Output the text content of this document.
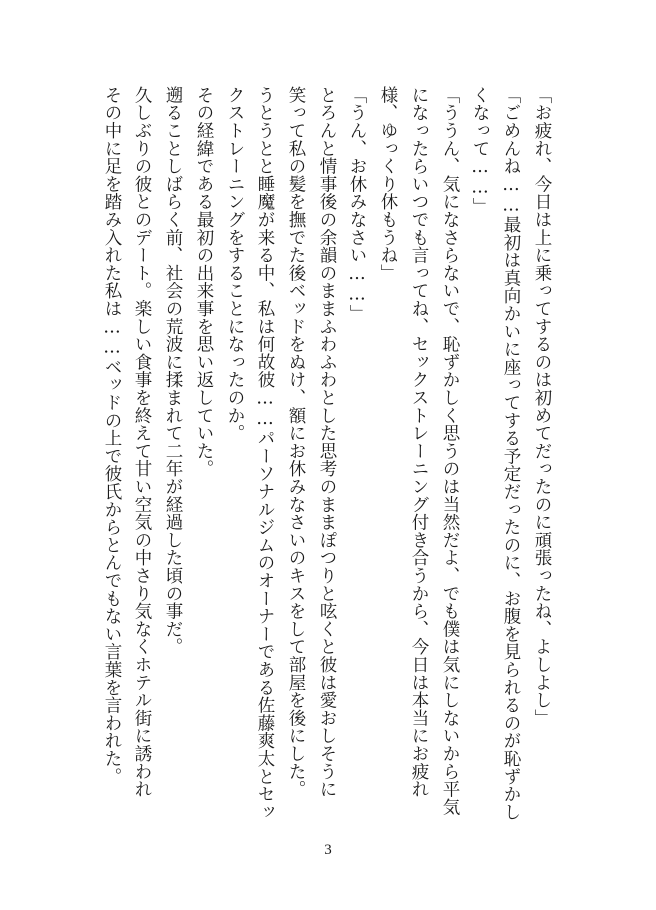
「お疲れ、今日は上に乗ってするのは初めてだったのに頑張ったね、よしよし」
「ごめんね……最初は真向かいに座ってする予定だったのに、お腹を見られるのが恥ずかし
くなって……」
「ううん、気になさらないで、恥ずかしく思うのは当然だよ、でも僕は気にしないから平気
になったらいつでも言ってね、セックストレーニング付き合うから、今日は本当にお疲れ
様、ゆっくり休もうね」
「うん、お休みなさい……」
とろんと情事後の余韻のままふわふわとした思考のままぽつりと呟くと彼は愛おしそうに
笑って私の髪を撫でた後ベッドをぬけ、額にお休みなさいのキスをして部屋を後にした。
うとうとと睡魔が来る中、私は何故彼……パーソナルジムのオーナーである佐藤爽太とセッ
クストレーニングをすることになったのか。
その経緯である最初の出来事を思い返していた。
遡ることしばらく前、社会の荒波に揉まれて二年が経過した頃の事だ。
久しぶりの彼とのデート。楽しい食事を終えて甘い空気の中さり気なくホテル街に誘われ
その中に足を踏み入れた私は……ベッドの上で彼氏からとんでもない言葉を言われた。
3
